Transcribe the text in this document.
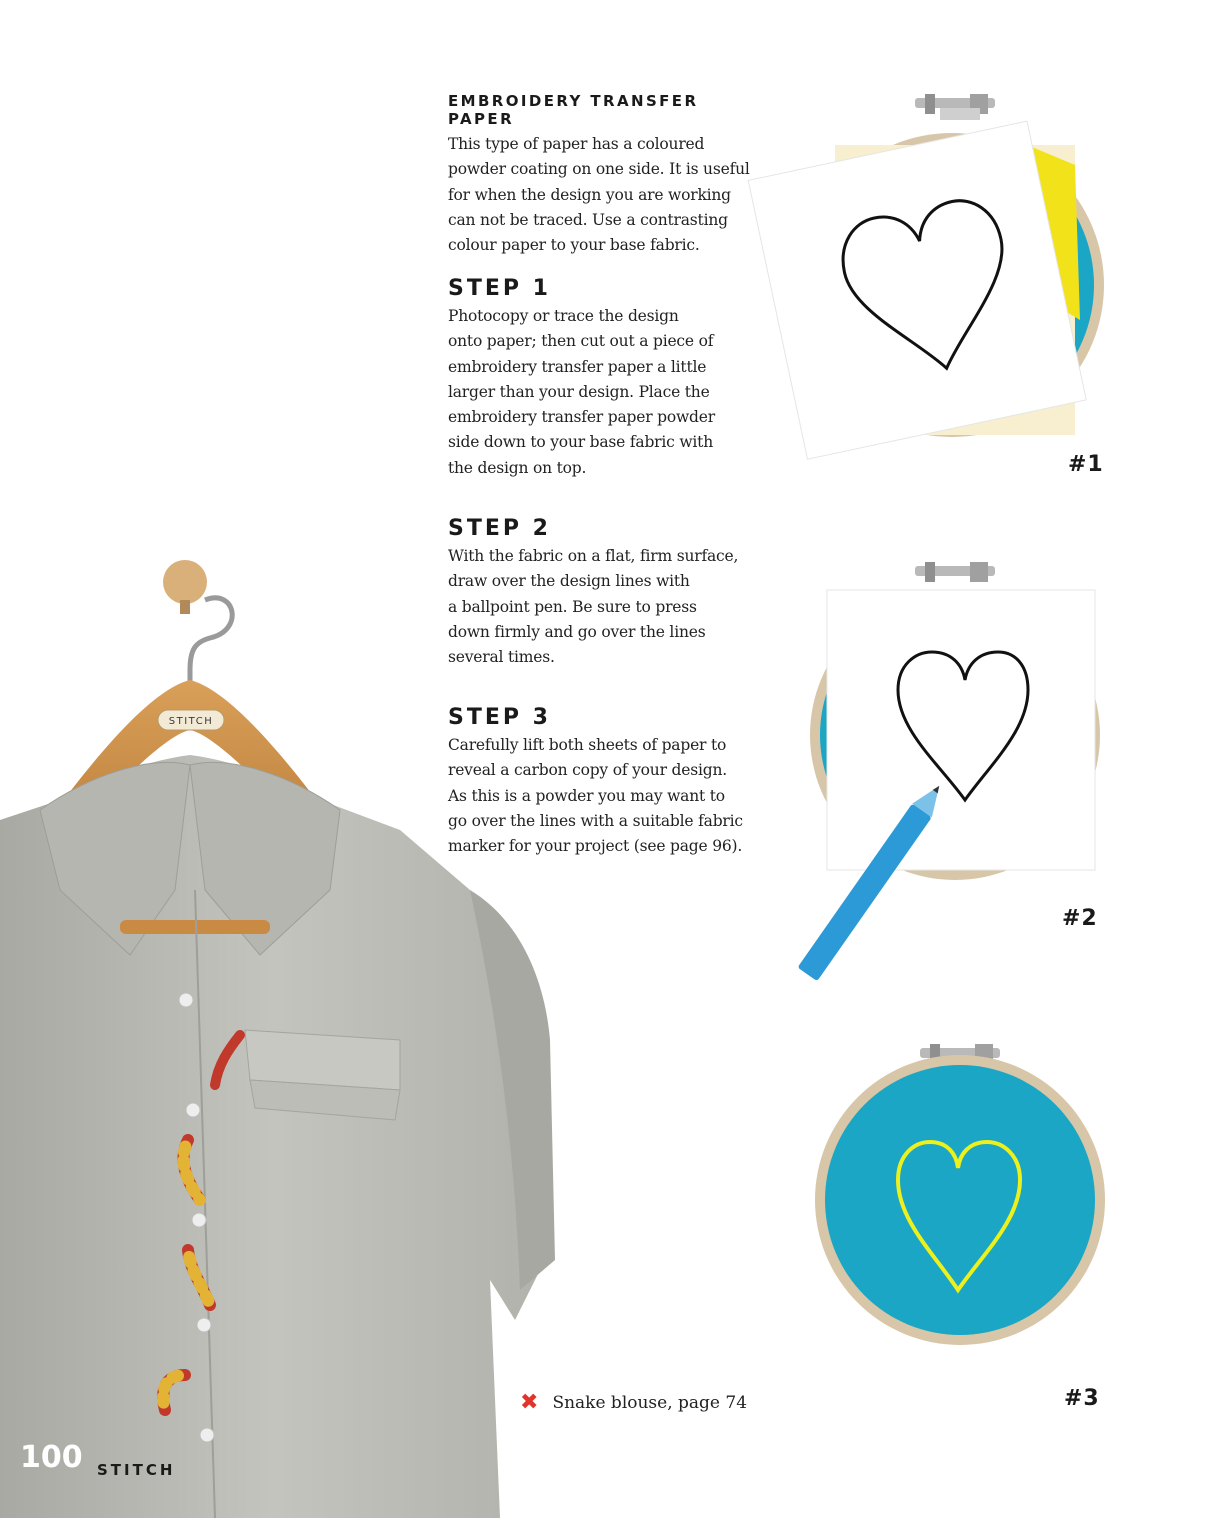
STITCH

EMBROIDERY TRANSFER PAPER

This type of paper has a coloured
powder coating on one side. It is useful
for when the design you are working
can not be traced. Use a contrasting
colour paper to your base fabric.

STEP 1

Photocopy or trace the design
onto paper; then cut out a piece of
embroidery transfer paper a little
larger than your design. Place the
embroidery transfer paper powder
side down to your base fabric with
the design on top.

STEP 2

With the fabric on a flat, firm surface,
draw over the design lines with
a ballpoint pen. Be sure to press
down firmly and go over the lines
several times.

STEP 3

Carefully lift both sheets of paper to
reveal a carbon copy of your design.
As this is a powder you may want to
go over the lines with a suitable fabric
marker for your project (see page 96).

#1
#2
#3
✖ Snake blouse, page 74
100 STITCH
